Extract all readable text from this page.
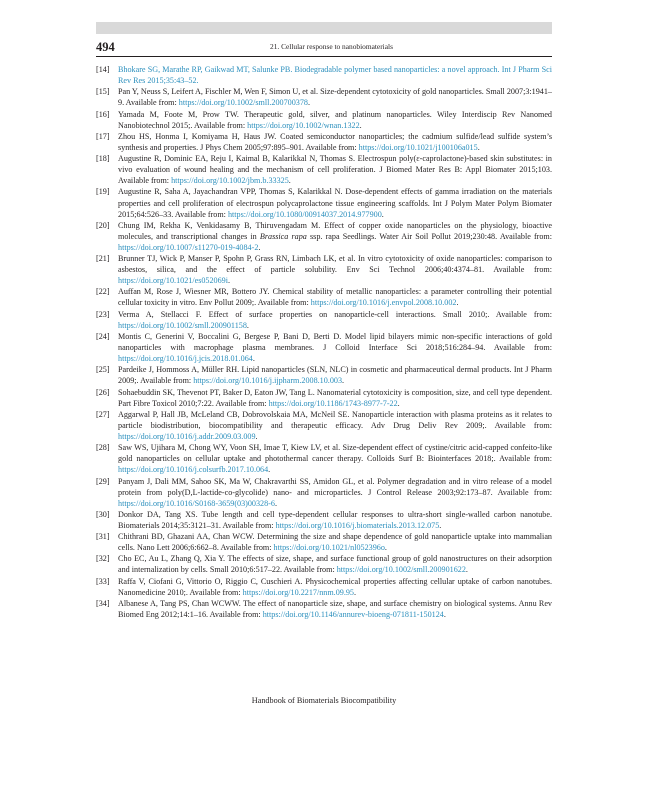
494	21. Cellular response to nanobiomaterials
[14] Bhokare SG, Marathe RP, Gaikwad MT, Salunke PB. Biodegradable polymer based nanoparticles: a novel approach. Int J Pharm Sci Rev Res 2015;35:43–52.
[15] Pan Y, Neuss S, Leifert A, Fischler M, Wen F, Simon U, et al. Size-dependent cytotoxicity of gold nanoparticles. Small 2007;3:1941–9. Available from: https://doi.org/10.1002/smll.200700378.
[16] Yamada M, Foote M, Prow TW. Therapeutic gold, silver, and platinum nanoparticles. Wiley Interdiscip Rev Nanomed Nanobiotechnol 2015;. Available from: https://doi.org/10.1002/wnan.1322.
[17] Zhou HS, Honma I, Komiyama H, Haus JW. Coated semiconductor nanoparticles; the cadmium sulfide/lead sulfide system’s synthesis and properties. J Phys Chem 2005;97:895–901. Available from: https://doi.org/10.1021/j100106a015.
[18] Augustine R, Dominic EA, Reju I, Kaimal B, Kalarikkal N, Thomas S. Electrospun poly(ε-caprolactone)-based skin substitutes: in vivo evaluation of wound healing and the mechanism of cell proliferation. J Biomed Mater Res B: Appl Biomater 2015;103. Available from: https://doi.org/10.1002/jbm.b.33325.
[19] Augustine R, Saha A, Jayachandran VPP, Thomas S, Kalarikkal N. Dose-dependent effects of gamma irradiation on the materials properties and cell proliferation of electrospun polycaprolactone tissue engineering scaffolds. Int J Polym Mater Polym Biomater 2015;64:526–33. Available from: https://doi.org/10.1080/00914037.2014.977900.
[20] Chung IM, Rekha K, Venkidasamy B, Thiruvengadam M. Effect of copper oxide nanoparticles on the physiology, bioactive molecules, and transcriptional changes in Brassica rapa ssp. rapa Seedlings. Water Air Soil Pollut 2019;230:48. Available from: https://doi.org/10.1007/s11270-019-4084-2.
[21] Brunner TJ, Wick P, Manser P, Spohn P, Grass RN, Limbach LK, et al. In vitro cytotoxicity of oxide nanoparticles: comparison to asbestos, silica, and the effect of particle solubility. Env Sci Technol 2006;40:4374–81. Available from: https://doi.org/10.1021/es052069i.
[22] Auffan M, Rose J, Wiesner MR, Bottero JY. Chemical stability of metallic nanoparticles: a parameter controlling their potential cellular toxicity in vitro. Env Pollut 2009;. Available from: https://doi.org/10.1016/j.envpol.2008.10.002.
[23] Verma A, Stellacci F. Effect of surface properties on nanoparticle-cell interactions. Small 2010;. Available from: https://doi.org/10.1002/smll.200901158.
[24] Montis C, Generini V, Boccalini G, Bergese P, Bani D, Berti D. Model lipid bilayers mimic non-specific interactions of gold nanoparticles with macrophage plasma membranes. J Colloid Interface Sci 2018;516:284–94. Available from: https://doi.org/10.1016/j.jcis.2018.01.064.
[25] Pardeike J, Hommoss A, Müller RH. Lipid nanoparticles (SLN, NLC) in cosmetic and pharmaceutical dermal products. Int J Pharm 2009;. Available from: https://doi.org/10.1016/j.ijpharm.2008.10.003.
[26] Sohaebuddin SK, Thevenot PT, Baker D, Eaton JW, Tang L. Nanomaterial cytotoxicity is composition, size, and cell type dependent. Part Fibre Toxicol 2010;7:22. Available from: https://doi.org/10.1186/1743-8977-7-22.
[27] Aggarwal P, Hall JB, McLeland CB, Dobrovolskaia MA, McNeil SE. Nanoparticle interaction with plasma proteins as it relates to particle biodistribution, biocompatibility and therapeutic efficacy. Adv Drug Deliv Rev 2009;. Available from: https://doi.org/10.1016/j.addr.2009.03.009.
[28] Saw WS, Ujihara M, Chong WY, Voon SH, Imae T, Kiew LV, et al. Size-dependent effect of cystine/citric acid-capped confeito-like gold nanoparticles on cellular uptake and photothermal cancer therapy. Colloids Surf B: Biointerfaces 2018;. Available from: https://doi.org/10.1016/j.colsurfb.2017.10.064.
[29] Panyam J, Dali MM, Sahoo SK, Ma W, Chakravarthi SS, Amidon GL, et al. Polymer degradation and in vitro release of a model protein from poly(D,L-lactide-co-glycolide) nano- and microparticles. J Control Release 2003;92:173–87. Available from: https://doi.org/10.1016/S0168-3659(03)00328-6.
[30] Donkor DA, Tang XS. Tube length and cell type-dependent cellular responses to ultra-short single-walled carbon nanotube. Biomaterials 2014;35:3121–31. Available from: https://doi.org/10.1016/j.biomaterials.2013.12.075.
[31] Chithrani BD, Ghazani AA, Chan WCW. Determining the size and shape dependence of gold nanoparticle uptake into mammalian cells. Nano Lett 2006;6:662–8. Available from: https://doi.org/10.1021/nl052396o.
[32] Cho EC, Au L, Zhang Q, Xia Y. The effects of size, shape, and surface functional group of gold nanostructures on their adsorption and internalization by cells. Small 2010;6:517–22. Available from: https://doi.org/10.1002/smll.200901622.
[33] Raffa V, Ciofani G, Vittorio O, Riggio C, Cuschieri A. Physicochemical properties affecting cellular uptake of carbon nanotubes. Nanomedicine 2010;. Available from: https://doi.org/10.2217/nnm.09.95.
[34] Albanese A, Tang PS, Chan WCWW. The effect of nanoparticle size, shape, and surface chemistry on biological systems. Annu Rev Biomed Eng 2012;14:1–16. Available from: https://doi.org/10.1146/annurev-bioeng-071811-150124.
Handbook of Biomaterials Biocompatibility
